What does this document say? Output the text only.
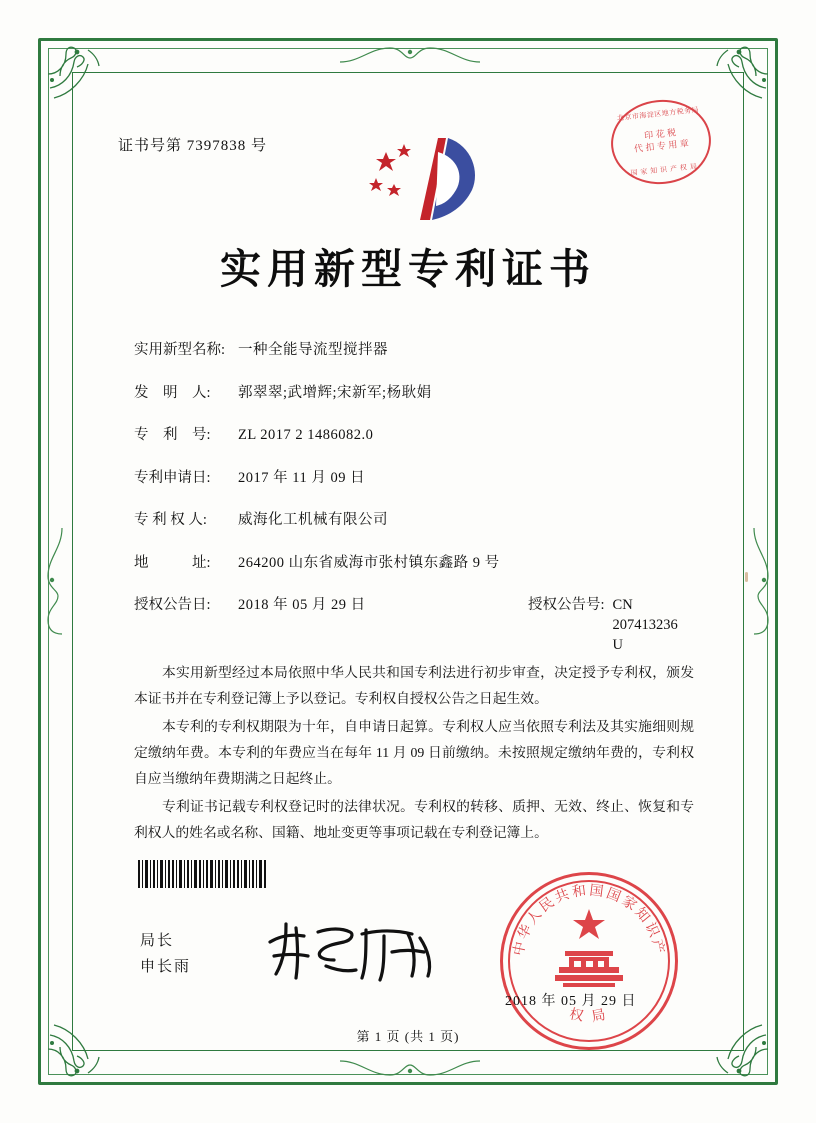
证书号第 7397838 号
北京市海淀区地方税务局
印 花 税
代 扣 专 用 章
国 家 知 识 产 权 局
实用新型专利证书
实用新型名称: 一种全能导流型搅拌器
发　明　人:	郭翠翠;武增辉;宋新军;杨耿娟
专　利　号:	ZL 2017 2 1486082.0
专利申请日:	2017 年 11 月 09 日
专 利 权 人:	威海化工机械有限公司
地　　　址:	264200 山东省威海市张村镇东鑫路 9 号
授权公告日:	2018 年 05 月 29 日	授权公告号: CN 207413236 U

本实用新型经过本局依照中华人民共和国专利法进行初步审查，决定授予专利权，颁发本证书并在专利登记簿上予以登记。专利权自授权公告之日起生效。

本专利的专利权期限为十年，自申请日起算。专利权人应当依照专利法及其实施细则规定缴纳年费。本专利的年费应当在每年 11 月 09 日前缴纳。未按照规定缴纳年费的，专利权自应当缴纳年费期满之日起终止。

专利证书记载专利权登记时的法律状况。专利权的转移、质押、无效、终止、恢复和专利权人的姓名或名称、国籍、地址变更等事项记载在专利登记簿上。

局长
申长雨
中华人民共和国国家知识产
权 局
2018 年 05 月 29 日
第 1 页 (共 1 页)
